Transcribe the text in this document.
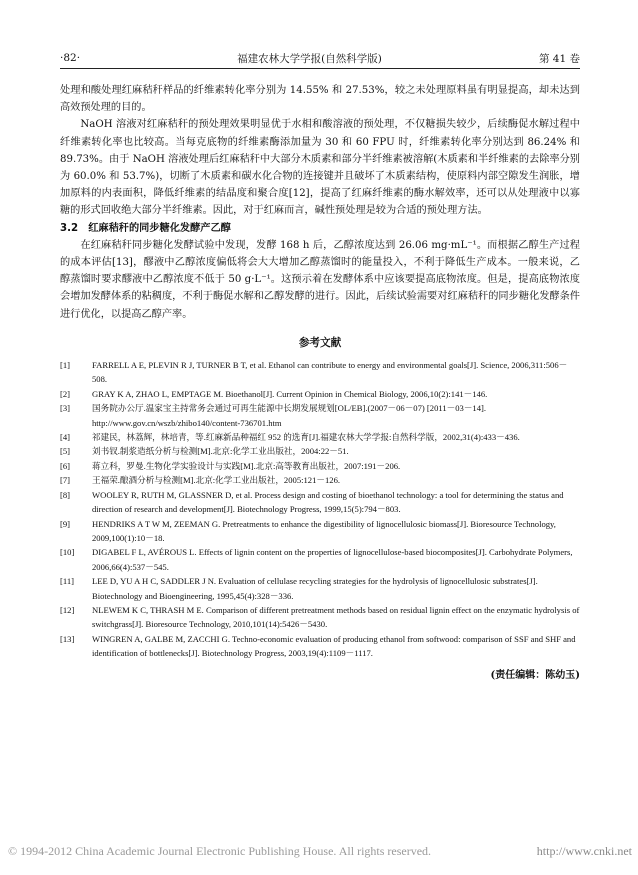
·82·	福建农林大学学报(自然科学版)	第 41 卷

处理和酸处理红麻秸秆样品的纤维素转化率分别为 14.55% 和 27.53%，较之未处理原料虽有明显提高，却未达到高效预处理的目的。

NaOH 溶液对红麻秸秆的预处理效果明显优于水相和酸溶液的预处理，不仅糖损失较少，后续酶促水解过程中纤维素转化率也比较高。当每克底物的纤维素酶添加量为 30 和 60 FPU 时，纤维素转化率分别达到 86.24% 和 89.73%。由于 NaOH 溶液处理后红麻秸秆中大部分木质素和部分半纤维素被溶解(木质素和半纤维素的去除率分别为 60.0% 和 53.7%)，切断了木质素和碳水化合物的连接键并且破坏了木质素结构，使原料内部空隙发生润胀，增加原料的内表面积，降低纤维素的结晶度和聚合度[12]，提高了红麻纤维素的酶水解效率，还可以从处理液中以寡糖的形式回收绝大部分半纤维素。因此，对于红麻而言，碱性预处理是较为合适的预处理方法。

3.2　红麻秸秆的同步糖化发酵产乙醇

在红麻秸秆同步糖化发酵试验中发现，发酵 168 h 后，乙醇浓度达到 26.06 mg·mL⁻¹。而根据乙醇生产过程的成本评估[13]，醪液中乙醇浓度偏低将会大大增加乙醇蒸馏时的能量投入，不利于降低生产成本。一般来说，乙醇蒸馏时要求醪液中乙醇浓度不低于 50 g·L⁻¹。这预示着在发酵体系中应该要提高底物浓度。但是，提高底物浓度会增加发酵体系的粘稠度，不利于酶促水解和乙醇发酵的进行。因此，后续试验需要对红麻秸秆的同步糖化发酵条件进行优化，以提高乙醇产率。

参考文献
[1]	FARRELL A E, PLEVIN R J, TURNER B T, et al. Ethanol can contribute to energy and environmental goals[J]. Science, 2006,311:506－508.
[2]	GRAY K A, ZHAO L, EMPTAGE M. Bioethanol[J]. Current Opinion in Chemical Biology, 2006,10(2):141－146.
[3]	国务院办公厅.温家宝主持常务会通过可再生能源中长期发展规划[OL/EB].(2007－06－07) [2011－03－14]. http://www.gov.cn/wszb/zhibo140/content-736701.htm
[4]	祁建民，林荔辉，林培青，等.红麻新品种福红 952 的选育[J].福建农林大学学报:自然科学版，2002,31(4):433－436.
[5]	刘书钗.制浆造纸分析与检测[M].北京:化学工业出版社，2004:22－51.
[6]	蒋立科，罗曼.生物化学实验设计与实践[M].北京:高等教育出版社，2007:191－206.
[7]	王福荣.酿酒分析与检测[M].北京:化学工业出版社，2005:121－126.
[8]	WOOLEY R, RUTH M, GLASSNER D, et al. Process design and costing of bioethanol technology: a tool for determining the status and direction of research and development[J]. Biotechnology Progress, 1999,15(5):794－803.
[9]	HENDRIKS A T W M, ZEEMAN G. Pretreatments to enhance the digestibility of lignocellulosic biomass[J]. Bioresource Technology, 2009,100(1):10－18.
[10]	DIGABEL F L, AVÉROUS L. Effects of lignin content on the properties of lignocellulose-based biocomposites[J]. Carbohydrate Polymers, 2006,66(4):537－545.
[11]	LEE D, YU A H C, SADDLER J N. Evaluation of cellulase recycling strategies for the hydrolysis of lignocellulosic substrates[J]. Biotechnology and Bioengineering, 1995,45(4):328－336.
[12]	NLEWEM K C, THRASH M E. Comparison of different pretreatment methods based on residual lignin effect on the enzymatic hydrolysis of switchgrass[J]. Bioresource Technology, 2010,101(14):5426－5430.
[13]	WINGREN A, GALBE M, ZACCHI G. Techno-economic evaluation of producing ethanol from softwood: comparison of SSF and SHF and identification of bottlenecks[J]. Biotechnology Progress, 2003,19(4):1109－1117.
(责任编辑：陈幼玉)
© 1994-2012 China Academic Journal Electronic Publishing House. All rights reserved.	http://www.cnki.net
